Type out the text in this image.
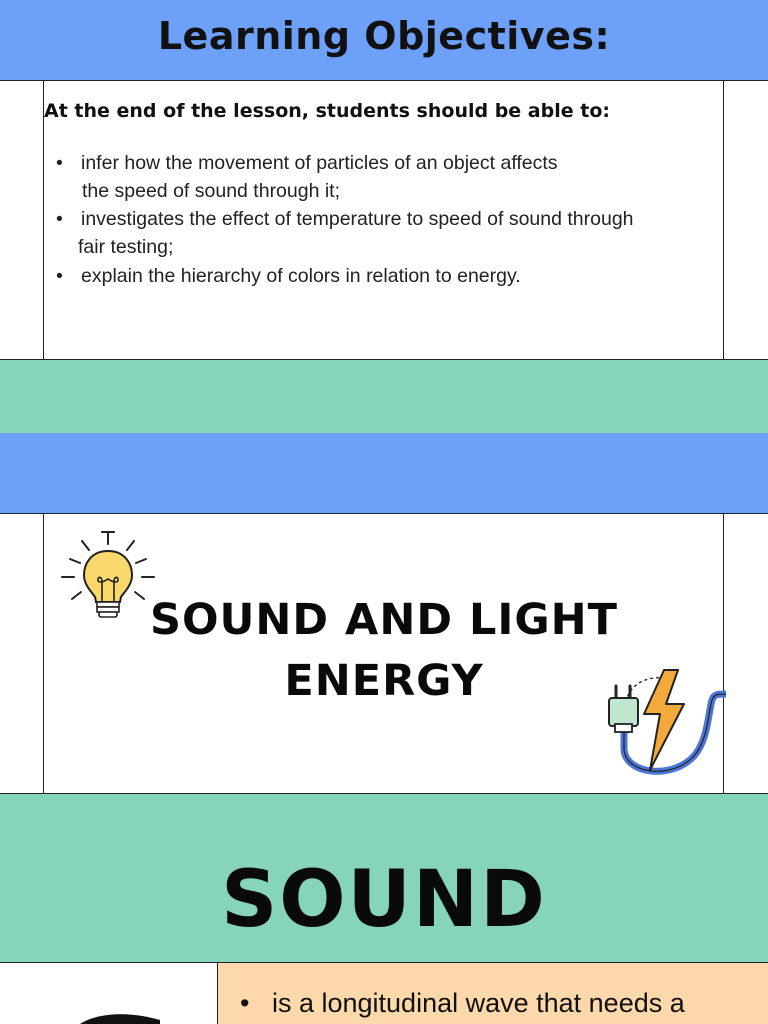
Learning Objectives:
At the end of the lesson, students should be able to:
• infer how the movement of particles of an object affects
the speed of sound through it;
• investigates the effect of temperature to speed of sound through
fair testing;
• explain the hierarchy of colors in relation to energy.
SOUND AND LIGHT
ENERGY
SOUND
• is a longitudinal wave that needs a
